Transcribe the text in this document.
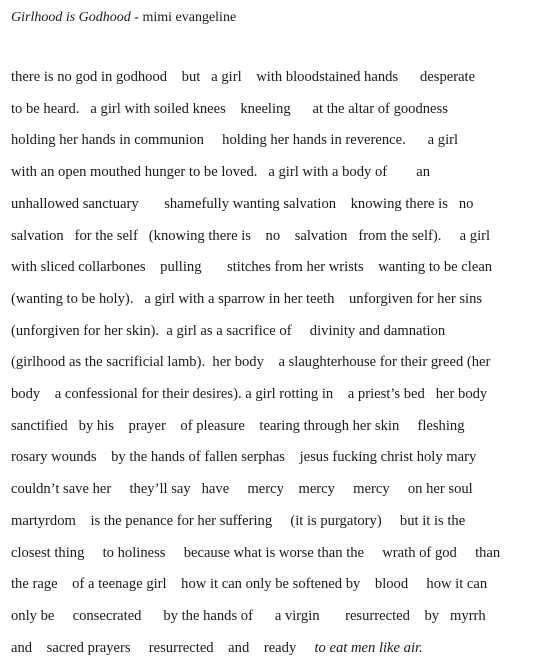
Girlhood is Godhood - mimi evangeline
there is no god in godhood    but   a girl    with bloodstained hands      desperate
to be heard.   a girl with soiled knees    kneeling      at the altar of goodness
holding her hands in communion     holding her hands in reverence.      a girl
with an open mouthed hunger to be loved.   a girl with a body of        an
unhallowed sanctuary       shamefully wanting salvation    knowing there is   no
salvation   for the self   (knowing there is    no    salvation   from the self).     a girl
with sliced collarbones    pulling       stitches from her wrists    wanting to be clean
(wanting to be holy).   a girl with a sparrow in her teeth    unforgiven for her sins
(unforgiven for her skin).  a girl as a sacrifice of     divinity and damnation
(girlhood as the sacrificial lamb).  her body    a slaughterhouse for their greed (her
body    a confessional for their desires). a girl rotting in    a priest’s bed   her body
sanctified   by his    prayer    of pleasure    tearing through her skin     fleshing
rosary wounds    by the hands of fallen serphas    jesus fucking christ holy mary
couldn’t save her     they’ll say   have     mercy    mercy     mercy     on her soul
martyrdom    is the penance for her suffering     (it is purgatory)     but it is the
closest thing     to holiness     because what is worse than the     wrath of god     than
the rage    of a teenage girl    how it can only be softened by    blood     how it can
only be     consecrated      by the hands of      a virgin       resurrected    by   myrrh
and    sacred prayers     resurrected    and    ready     to eat men like air.
